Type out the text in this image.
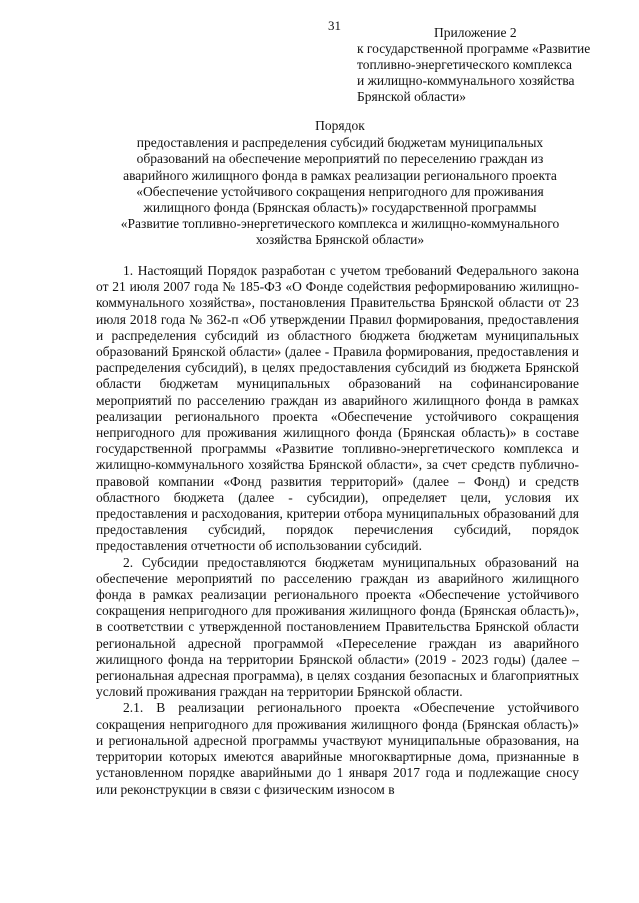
31	Приложение 2
к государственной программе «Развитие
топливно-энергетического комплекса
и жилищно-коммунального хозяйства
Брянской области»
Порядок
предоставления и распределения субсидий бюджетам муниципальных
образований на обеспечение мероприятий по переселению граждан из
аварийного жилищного фонда в рамках реализации регионального проекта
«Обеспечение устойчивого сокращения непригодного для проживания
жилищного фонда (Брянская область)» государственной программы
«Развитие топливно-энергетического комплекса и жилищно-коммунального
хозяйства Брянской области»

1. Настоящий Порядок разработан с учетом требований Федерального закона от 21 июля 2007 года № 185-ФЗ «О Фонде содействия реформированию жилищно-коммунального хозяйства», постановления Правительства Брянской области от 23 июля 2018 года № 362-п «Об утверждении Правил формирования, предоставления и распределения субсидий из областного бюджета бюджетам муниципальных образований Брянской области» (далее - Правила формирования, предоставления и распределения субсидий), в целях предоставления субсидий из бюджета Брянской области бюджетам муниципальных образований на софинансирование мероприятий по расселению граждан из аварийного жилищного фонда в рамках реализации регионального проекта «Обеспечение устойчивого сокращения непригодного для проживания жилищного фонда (Брянская область)» в составе государственной программы «Развитие топливно-энергетического комплекса и жилищно-коммунального хозяйства Брянской области», за счет средств публично-правовой компании «Фонд развития территорий» (далее – Фонд) и средств областного бюджета (далее - субсидии), определяет цели, условия их предоставления и расходования, критерии отбора муниципальных образований для предоставления субсидий, порядок перечисления субсидий, порядок предоставления отчетности об использовании субсидий.

2. Субсидии предоставляются бюджетам муниципальных образований на обеспечение мероприятий по расселению граждан из аварийного жилищного фонда в рамках реализации регионального проекта «Обеспечение устойчивого сокращения непригодного для проживания жилищного фонда (Брянская область)», в соответствии с утвержденной постановлением Правительства Брянской области региональной адресной программой «Переселение граждан из аварийного жилищного фонда на территории Брянской области» (2019 - 2023 годы) (далее – региональная адресная программа), в целях создания безопасных и благоприятных условий проживания граждан на территории Брянской области.

2.1. В реализации регионального проекта «Обеспечение устойчивого сокращения непригодного для проживания жилищного фонда (Брянская область)» и региональной адресной программы участвуют муниципальные образования, на территории которых имеются аварийные многоквартирные дома, признанные в установленном порядке аварийными до 1 января 2017 года и подлежащие сносу или реконструкции в связи с физическим износом в
